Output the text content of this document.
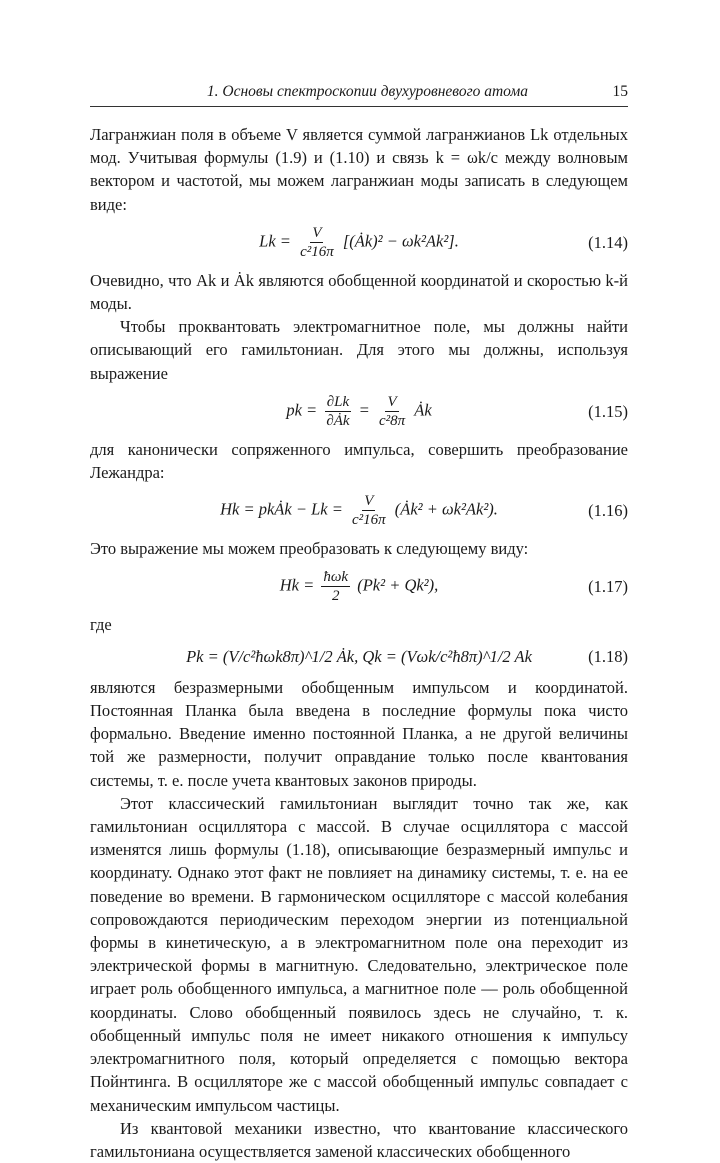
1. Основы спектроскопии двухуровневого атома	15

Лагранжиан поля в объеме V является суммой лагранжианов Lk отдельных мод. Учитывая формулы (1.9) и (1.10) и связь k = ωk/c между волновым вектором и частотой, мы можем лагранжиан моды записать в следующем виде:

$Lk = \frac{V}{\text{c²16π}}$ [(Ȧk)² − ωk²Ak²].	(1.14)

Очевидно, что Ak и Ȧk являются обобщенной координатой и скоростью k-й моды.

Чтобы проквантовать электромагнитное поле, мы должны найти описывающий его гамильтониан. Для этого мы должны, используя выражение

pk = $\frac{\partial Lk}{\partial Ȧk} = \frac{V}{\text{c²8π}}$ Ȧk	(1.15)

для канонически сопряженного импульса, совершить преобразование Лежандра:

Hk = pkȦk − $Lk = \frac{V}{\text{c²16π}}$ (Ȧk² + ωk²Ak²).	(1.16)

Это выражение мы можем преобразовать к следующему виду:

$Hk = \frac{\text{ħωk}}{2} (Pk^2 + Qk^2)$,	(1.17)

где

Pk = (V/c²ħωk8π)^1/2 Ȧk, Qk = (Vωk/c²ħ8π)^1/2 Ak	(1.18)

являются безразмерными обобщенным импульсом и координатой. Постоянная Планка была введена в последние формулы пока чисто формально. Введение именно постоянной Планка, а не другой величины той же размерности, получит оправдание только после квантования системы, т. е. после учета квантовых законов природы.

Этот классический гамильтониан выглядит точно так же, как гамильтониан осциллятора с массой. В случае осциллятора с массой изменятся лишь формулы (1.18), описывающие безразмерный импульс и координату. Однако этот факт не повлияет на динамику системы, т. е. на ее поведение во времени. В гармоническом осцилляторе с массой колебания сопровождаются периодическим переходом энергии из потенциальной формы в кинетическую, а в электромагнитном поле она переходит из электрической формы в магнитную. Следовательно, электрическое поле играет роль обобщенного импульса, а магнитное поле — роль обобщенной координаты. Слово обобщенный появилось здесь не случайно, т. к. обобщенный импульс поля не имеет никакого отношения к импульсу электромагнитного поля, который определяется с помощью вектора Пойнтинга. В осцилляторе же с массой обобщенный импульс совпадает с механическим импульсом частицы.

Из квантовой механики известно, что квантование классического гамильтониана осуществляется заменой классических обобщенного
